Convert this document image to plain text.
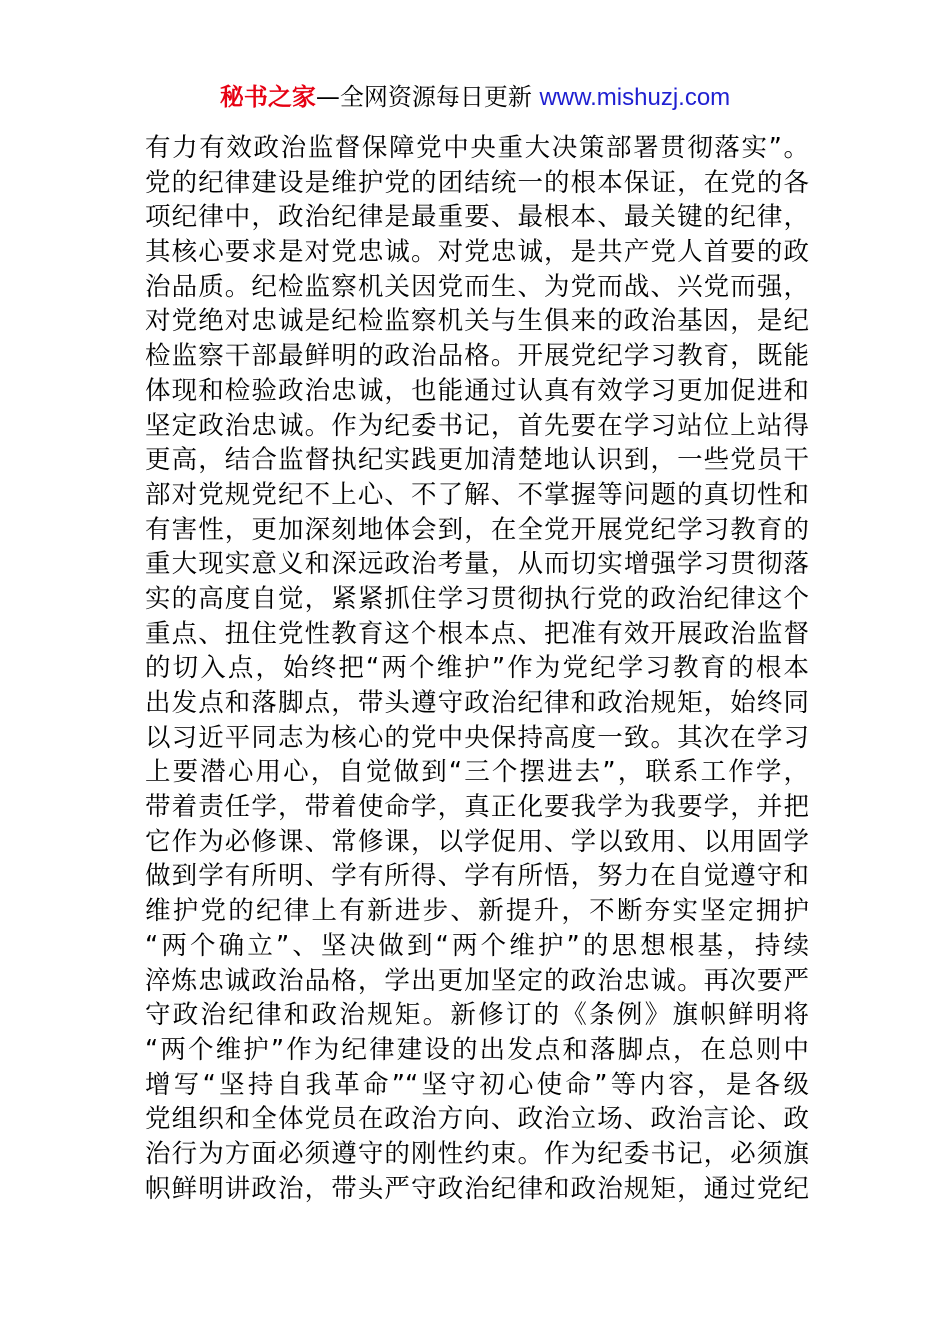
秘书之家—全网资源每日更新 www.mishuzj.com
有力有效政治监督保障党中央重大决策部署贯彻落实”。
党的纪律建设是维护党的团结统一的根本保证，在党的各
项纪律中，政治纪律是最重要、最根本、最关键的纪律，
其核心要求是对党忠诚。对党忠诚，是共产党人首要的政
治品质。纪检监察机关因党而生、为党而战、兴党而强，
对党绝对忠诚是纪检监察机关与生俱来的政治基因，是纪
检监察干部最鲜明的政治品格。开展党纪学习教育，既能
体现和检验政治忠诚，也能通过认真有效学习更加促进和
坚定政治忠诚。作为纪委书记，首先要在学习站位上站得
更高，结合监督执纪实践更加清楚地认识到，一些党员干
部对党规党纪不上心、不了解、不掌握等问题的真切性和
有害性，更加深刻地体会到，在全党开展党纪学习教育的
重大现实意义和深远政治考量，从而切实增强学习贯彻落
实的高度自觉，紧紧抓住学习贯彻执行党的政治纪律这个
重点、扭住党性教育这个根本点、把准有效开展政治监督
的切入点，始终把“两个维护”作为党纪学习教育的根本
出发点和落脚点，带头遵守政治纪律和政治规矩，始终同
以习近平同志为核心的党中央保持高度一致。其次在学习
上要潜心用心，自觉做到“三个摆进去”，联系工作学，
带着责任学，带着使命学，真正化要我学为我要学，并把
它作为必修课、常修课，以学促用、学以致用、以用固学
做到学有所明、学有所得、学有所悟，努力在自觉遵守和
维护党的纪律上有新进步、新提升，不断夯实坚定拥护
“两个确立”、坚决做到“两个维护”的思想根基，持续
淬炼忠诚政治品格，学出更加坚定的政治忠诚。再次要严
守政治纪律和政治规矩。新修订的《条例》旗帜鲜明将
“两个维护”作为纪律建设的出发点和落脚点，在总则中
增写“坚持自我革命”“坚守初心使命”等内容，是各级
党组织和全体党员在政治方向、政治立场、政治言论、政
治行为方面必须遵守的刚性约束。作为纪委书记，必须旗
帜鲜明讲政治，带头严守政治纪律和政治规矩，通过党纪
